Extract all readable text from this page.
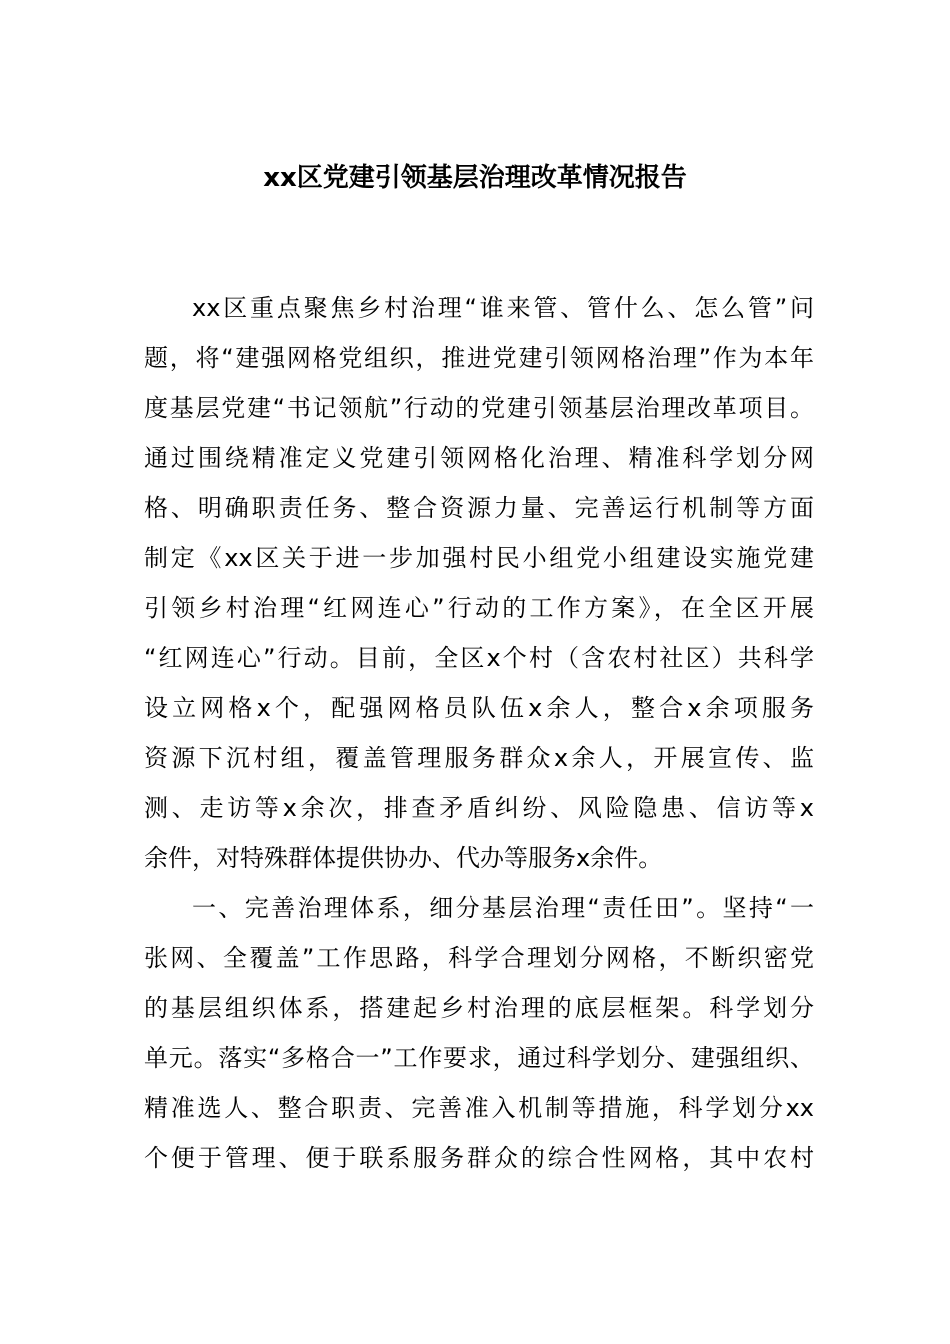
xx区党建引领基层治理改革情况报告
xx区重点聚焦乡村治理“谁来管、管什么、怎么管”问
题，将“建强网格党组织，推进党建引领网格治理”作为本年
度基层党建“书记领航”行动的党建引领基层治理改革项目。
通过围绕精准定义党建引领网格化治理、精准科学划分网
格、明确职责任务、整合资源力量、完善运行机制等方面
制定《xx区关于进一步加强村民小组党小组建设实施党建
引领乡村治理“红网连心”行动的工作方案》，在全区开展
“红网连心”行动。目前，全区x个村（含农村社区）共科学
设立网格x个，配强网格员队伍x余人，整合x余项服务
资源下沉村组，覆盖管理服务群众x余人，开展宣传、监
测、走访等x余次，排查矛盾纠纷、风险隐患、信访等x
余件，对特殊群体提供协办、代办等服务x余件。
一、完善治理体系，细分基层治理“责任田”。坚持“一
张网、全覆盖”工作思路，科学合理划分网格，不断织密党
的基层组织体系，搭建起乡村治理的底层框架。科学划分
单元。落实“多格合一”工作要求，通过科学划分、建强组织、
精准选人、整合职责、完善准入机制等措施，科学划分xx
个便于管理、便于联系服务群众的综合性网格，其中农村
